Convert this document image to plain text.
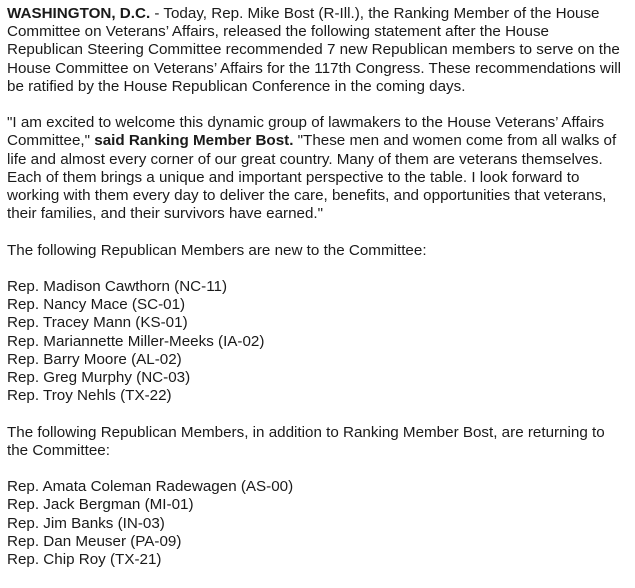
WASHINGTON, D.C. - Today, Rep. Mike Bost (R-Ill.), the Ranking Member of the House Committee on Veterans’ Affairs, released the following statement after the House Republican Steering Committee recommended 7 new Republican members to serve on the House Committee on Veterans’ Affairs for the 117th Congress. These recommendations will be ratified by the House Republican Conference in the coming days.

"I am excited to welcome this dynamic group of lawmakers to the House Veterans’ Affairs Committee," said Ranking Member Bost. "These men and women come from all walks of life and almost every corner of our great country. Many of them are veterans themselves. Each of them brings a unique and important perspective to the table. I look forward to working with them every day to deliver the care, benefits, and opportunities that veterans, their families, and their survivors have earned."

The following Republican Members are new to the Committee:

Rep. Madison Cawthorn (NC-11)
Rep. Nancy Mace (SC-01)
Rep. Tracey Mann (KS-01)
Rep. Mariannette Miller-Meeks (IA-02)
Rep. Barry Moore (AL-02)
Rep. Greg Murphy (NC-03)
Rep. Troy Nehls (TX-22)

The following Republican Members, in addition to Ranking Member Bost, are returning to the Committee:

Rep. Amata Coleman Radewagen (AS-00)
Rep. Jack Bergman (MI-01)
Rep. Jim Banks (IN-03)
Rep. Dan Meuser (PA-09)
Rep. Chip Roy (TX-21)
